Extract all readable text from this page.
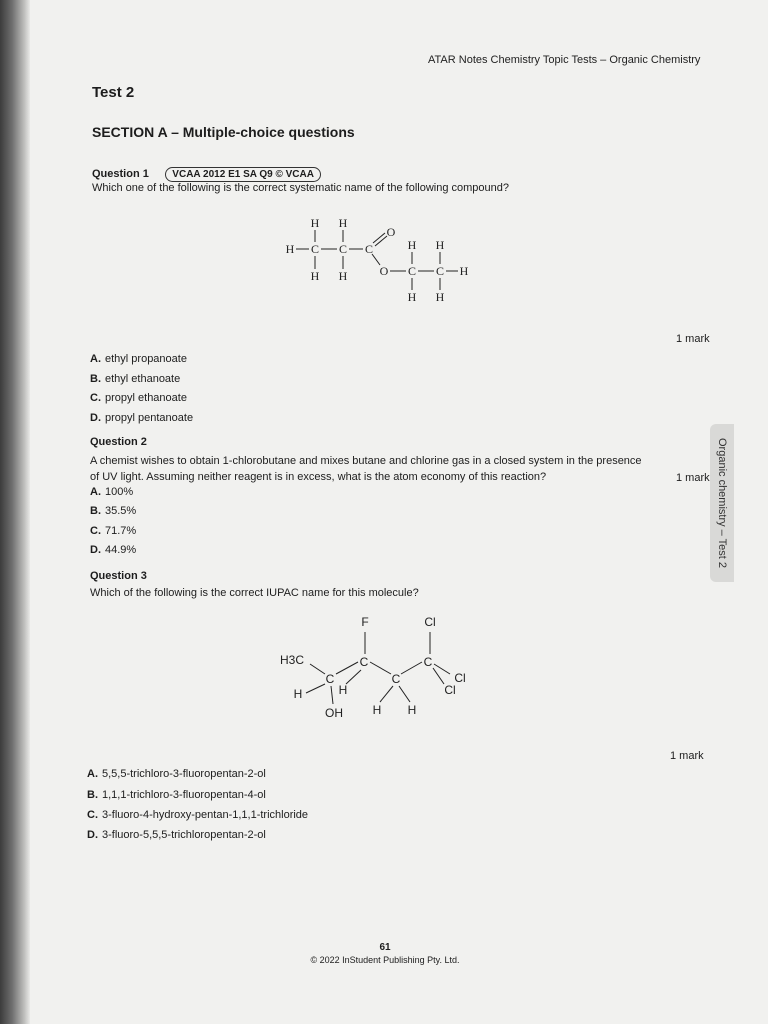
ATAR Notes Chemistry Topic Tests – Organic Chemistry
Test 2
SECTION A – Multiple-choice questions
Question 1 VCAA 2012 E1 SA Q9 © VCAA
Which one of the following is the correct systematic name of the following compound?
H H
H C C C
O
H H	O
H H
C C H
H H
1 mark
A. ethyl propanoate
B. ethyl ethanoate
C. propyl ethanoate
D. propyl pentanoate
Question 2
A chemist wishes to obtain 1-chlorobutane and mixes butane and chlorine gas in a closed system in the presence
of UV light. Assuming neither reagent is in excess, what is the atom economy of this reaction?	1 mark
A. 100%
B. 35.5%
C. 71.7%
D. 44.9%
Question 3
Which of the following is the correct IUPAC name for this molecule?
F	Cl
H3C	C	C
C	C	Cl
Cl
H	H
H H
OH
1 mark
A. 5,5,5-trichloro-3-fluoropentan-2-ol
B. 1,1,1-trichloro-3-fluoropentan-4-ol
C. 3-fluoro-4-hydroxy-pentan-1,1,1-trichloride
D. 3-fluoro-5,5,5-trichloropentan-2-ol
Organic chemistry – Test 2
61
© 2022 InStudent Publishing Pty. Ltd.
